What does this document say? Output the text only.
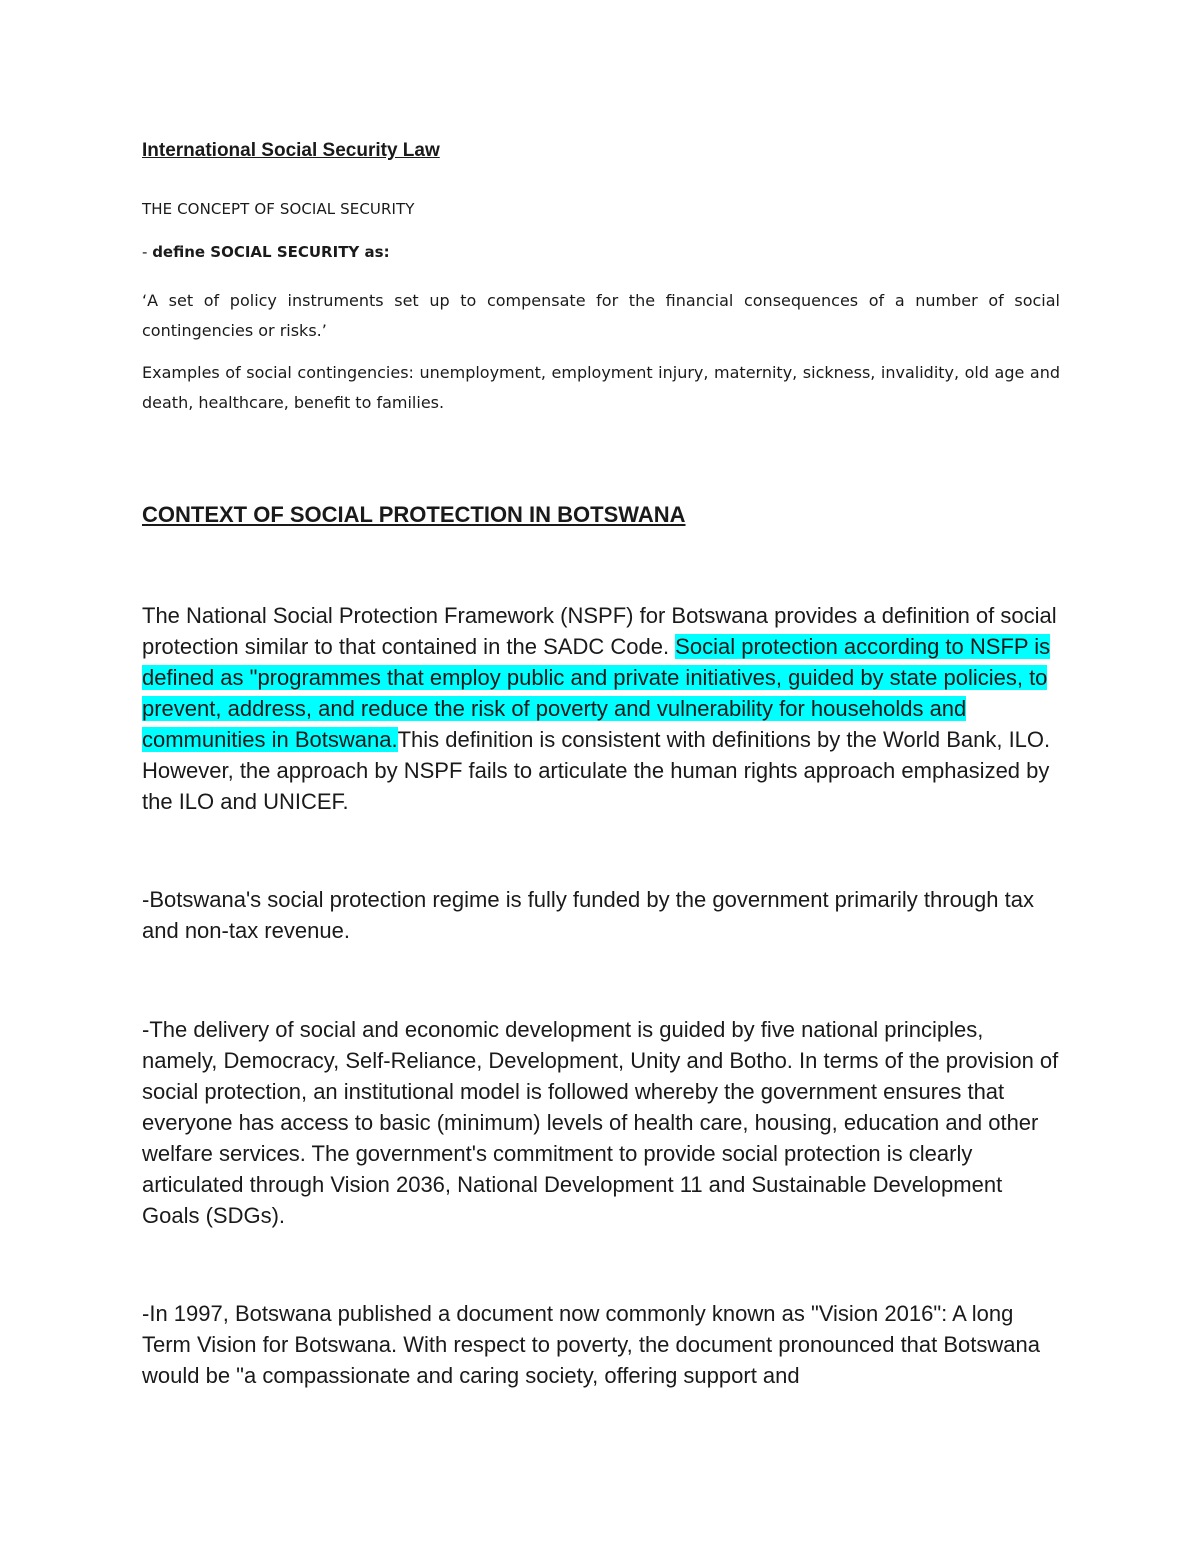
International Social Security Law

THE CONCEPT OF SOCIAL SECURITY

- define SOCIAL SECURITY as:

‘A set of policy instruments set up to compensate for the financial consequences of a number of social contingencies or risks.’

Examples of social contingencies: unemployment, employment injury, maternity, sickness, invalidity, old age and death, healthcare, benefit to families.

CONTEXT OF SOCIAL PROTECTION IN BOTSWANA

The National Social Protection Framework (NSPF) for Botswana provides a definition of social protection similar to that contained in the SADC Code. Social protection according to NSFP is defined as "programmes that employ public and private initiatives, guided by state policies, to prevent, address, and reduce the risk of poverty and vulnerability for households and communities in Botswana.This definition is consistent with definitions by the World Bank, ILO. However, the approach by NSPF fails to articulate the human rights approach emphasized by the ILO and UNICEF.

-Botswana's social protection regime is fully funded by the government primarily through tax and non-tax revenue.

-The delivery of social and economic development is guided by five national principles, namely, Democracy, Self-Reliance, Development, Unity and Botho. In terms of the provision of social protection, an institutional model is followed whereby the government ensures that everyone has access to basic (minimum) levels of health care, housing, education and other welfare services. The government's commitment to provide social protection is clearly articulated through Vision 2036, National Development 11 and Sustainable Development Goals (SDGs).

-In 1997, Botswana published a document now commonly known as "Vision 2016": A long Term Vision for Botswana. With respect to poverty, the document pronounced that Botswana would be "a compassionate and caring society, offering support and
